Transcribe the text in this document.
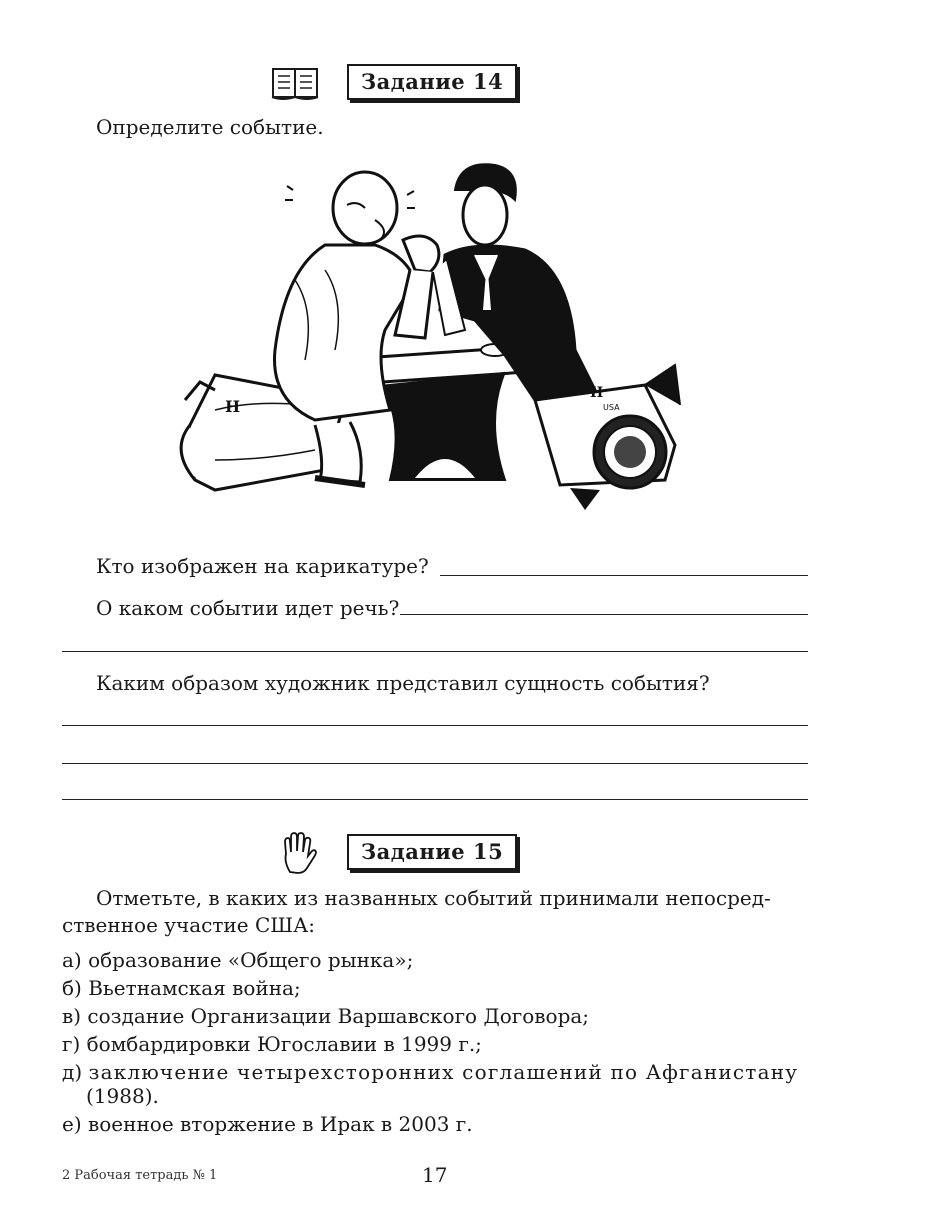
Задание 14
Определите событие.
H
H
USA
Кто изображен на карикатуре?
О каком событии идет речь?
Каким образом художник представил сущность события?
Задание 15
Отметьте, в каких из названных событий принимали непосред-
ственное участие США:
а) образование «Общего рынка»;
б) Вьетнамская война;
в) создание Организации Варшавского Договора;
г) бомбардировки Югославии в 1999 г.;
д) заключение четырехсторонних соглашений по Афганистану
(1988).
е) военное вторжение в Ирак в 2003 г.
2 Рабочая тетрадь № 1	17
